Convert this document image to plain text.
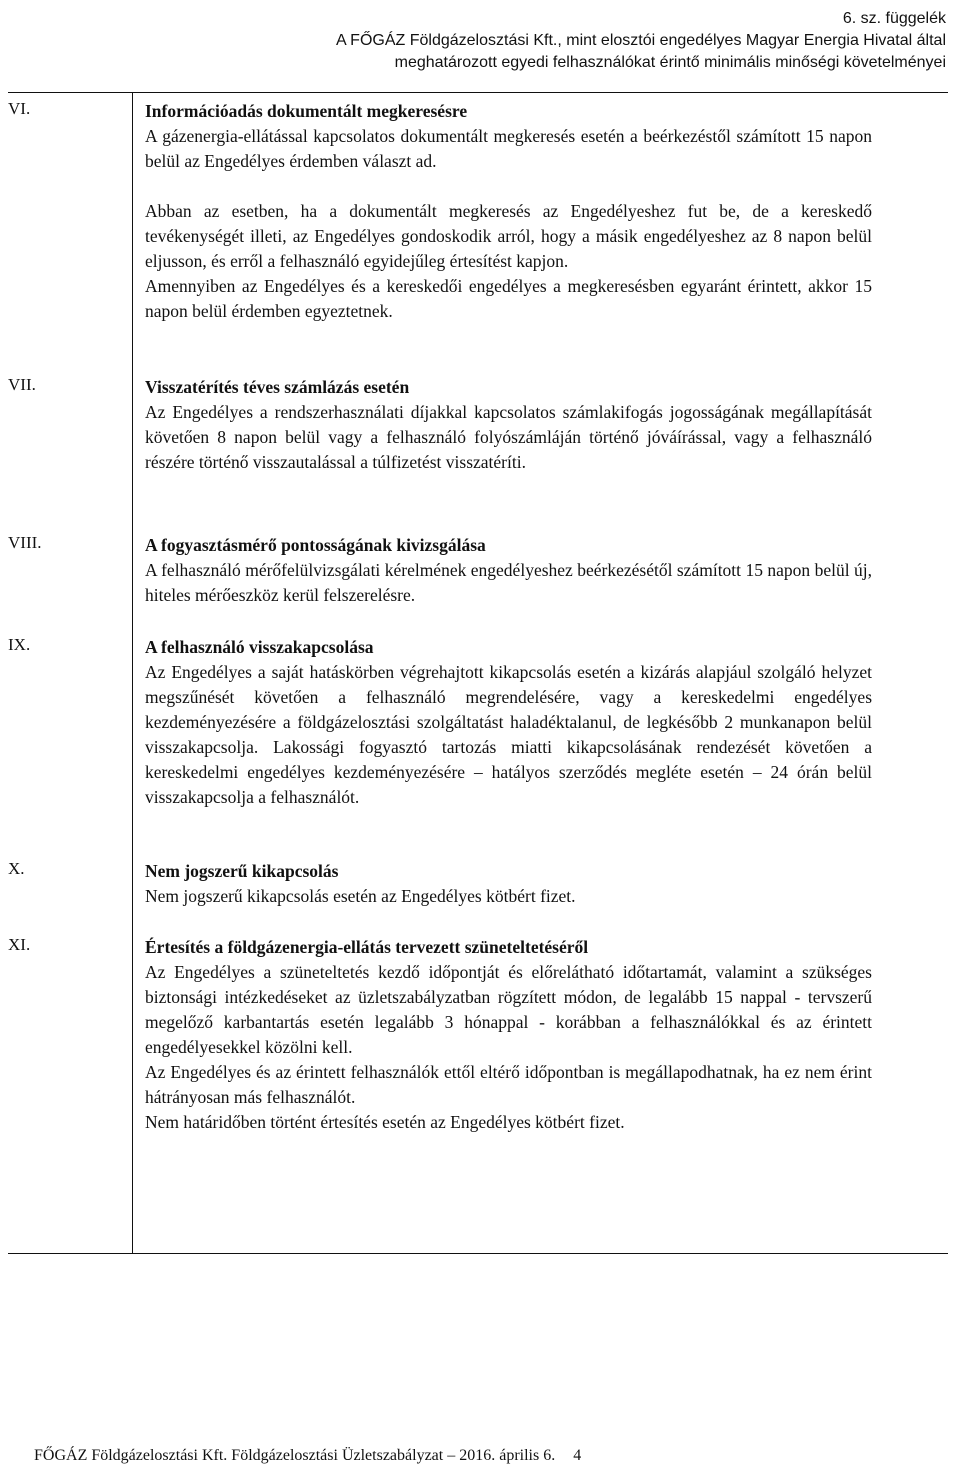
6. sz. függelék
A FŐGÁZ Földgázelosztási Kft., mint elosztói engedélyes Magyar Energia Hivatal által
meghatározott egyedi felhasználókat érintő minimális minőségi követelményei
VI.	Információadás dokumentált megkeresésre

A gázenergia-ellátással kapcsolatos dokumentált megkeresés esetén a beérkezéstől számított 15 napon belül az Engedélyes érdemben választ ad.

Abban az esetben, ha a dokumentált megkeresés az Engedélyeshez fut be, de a kereskedő tevékenységét illeti, az Engedélyes gondoskodik arról, hogy a másik engedélyeshez az 8 napon belül eljusson, és erről a felhasználó egyidejűleg értesítést kapjon.

Amennyiben az Engedélyes és a kereskedői engedélyes a megkeresésben egyaránt érintett, akkor 15 napon belül érdemben egyeztetnek.

VII.	Visszatérítés téves számlázás esetén

Az Engedélyes a rendszerhasználati díjakkal kapcsolatos számlakifogás jogosságának megállapítását követően 8 napon belül vagy a felhasználó folyószámláján történő jóváírással, vagy a felhasználó részére történő visszautalással a túlfizetést visszatéríti.

VIII.	A fogyasztásmérő pontosságának kivizsgálása

A felhasználó mérőfelülvizsgálati kérelmének engedélyeshez beérkezésétől számított 15 napon belül új, hiteles mérőeszköz kerül felszerelésre.

IX.	A felhasználó visszakapcsolása

Az Engedélyes a saját hatáskörben végrehajtott kikapcsolás esetén a kizárás alapjául szolgáló helyzet megszűnését követően a felhasználó megrendelésére, vagy a kereskedelmi engedélyes kezdeményezésére a földgázelosztási szolgáltatást haladéktalanul, de legkésőbb 2 munkanapon belül visszakapcsolja. Lakossági fogyasztó tartozás miatti kikapcsolásának rendezését követően a kereskedelmi engedélyes kezdeményezésére – hatályos szerződés megléte esetén – 24 órán belül visszakapcsolja a felhasználót.

X.	Nem jogszerű kikapcsolás

Nem jogszerű kikapcsolás esetén az Engedélyes kötbért fizet.

XI.	Értesítés a földgázenergia-ellátás tervezett szüneteltetéséről

Az Engedélyes a szüneteltetés kezdő időpontját és előrelátható időtartamát, valamint a szükséges biztonsági intézkedéseket az üzletszabályzatban rögzített módon, de legalább 15 nappal - tervszerű megelőző karbantartás esetén legalább 3 hónappal - korábban a felhasználókkal és az érintett engedélyesekkel közölni kell.

Az Engedélyes és az érintett felhasználók ettől eltérő időpontban is megállapodhatnak, ha ez nem érint hátrányosan más felhasználót.

Nem határidőben történt értesítés esetén az Engedélyes kötbért fizet.

FŐGÁZ Földgázelosztási Kft. Földgázelosztási Üzletszabályzat – 2016. április 6. 4
